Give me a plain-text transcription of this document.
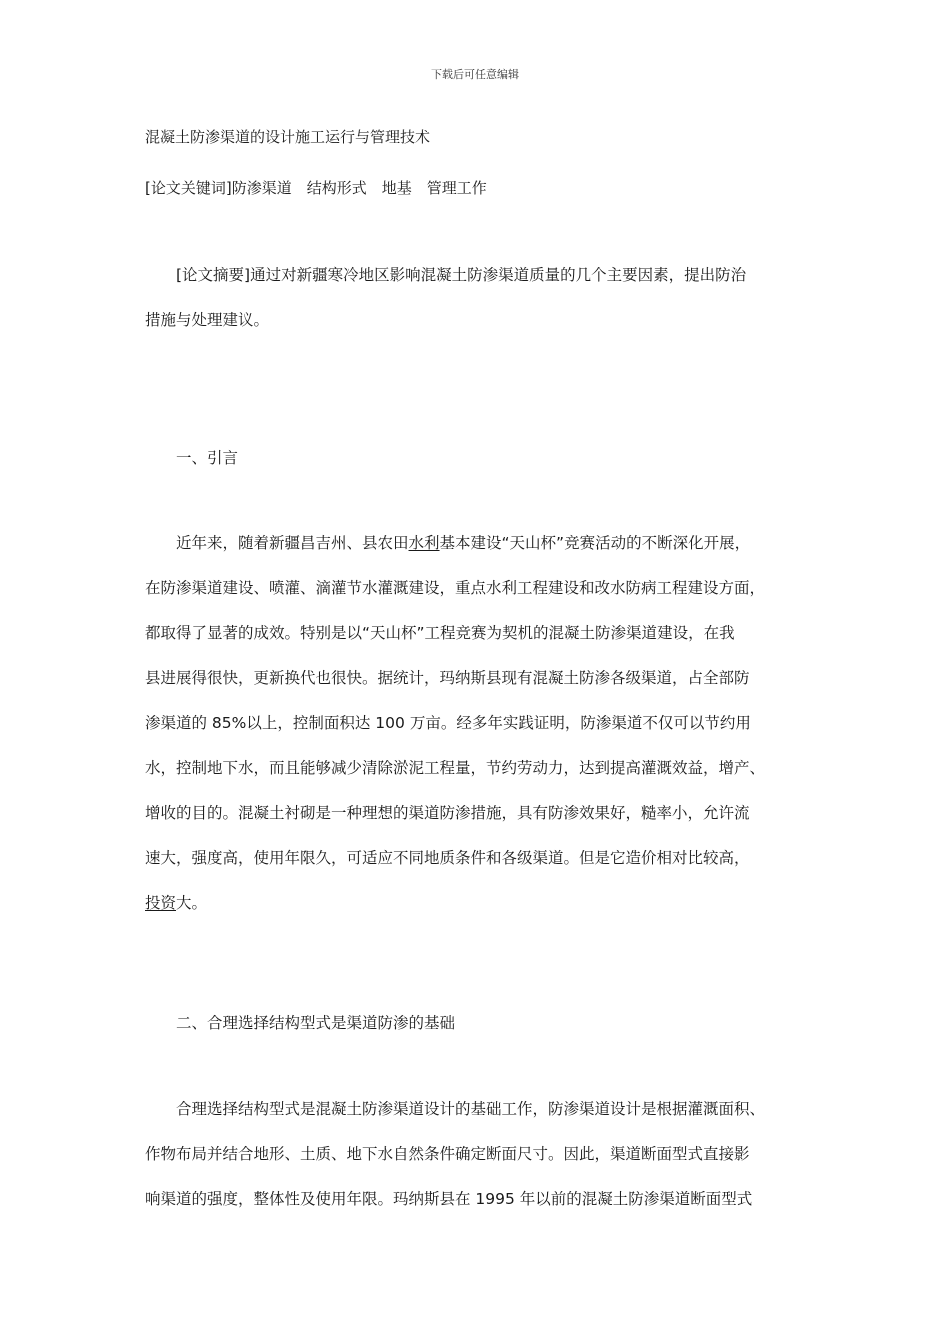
下载后可任意编辑
混凝土防渗渠道的设计施工运行与管理技术
[论文关键词]防渗渠道　结构形式　地基　管理工作

[论文摘要]通过对新疆寒冷地区影响混凝土防渗渠道质量的几个主要因素，提出防治
措施与处理建议。

一、引言

近年来，随着新疆昌吉州、县农田水利基本建设“天山杯”竞赛活动的不断深化开展，
在防渗渠道建设、喷灌、滴灌节水灌溉建设，重点水利工程建设和改水防病工程建设方面，
都取得了显著的成效。特别是以“天山杯”工程竞赛为契机的混凝土防渗渠道建设，在我
县进展得很快，更新换代也很快。据统计，玛纳斯县现有混凝土防渗各级渠道，占全部防
渗渠道的 85%以上，控制面积达 100 万亩。经多年实践证明，防渗渠道不仅可以节约用
水，控制地下水，而且能够减少清除淤泥工程量，节约劳动力，达到提高灌溉效益，增产、
增收的目的。混凝土衬砌是一种理想的渠道防渗措施，具有防渗效果好，糙率小，允许流
速大，强度高，使用年限久，可适应不同地质条件和各级渠道。但是它造价相对比较高，
投资大。

二、合理选择结构型式是渠道防渗的基础

合理选择结构型式是混凝土防渗渠道设计的基础工作，防渗渠道设计是根据灌溉面积、
作物布局并结合地形、土质、地下水自然条件确定断面尺寸。因此，渠道断面型式直接影
响渠道的强度，整体性及使用年限。玛纳斯县在 1995 年以前的混凝土防渗渠道断面型式
